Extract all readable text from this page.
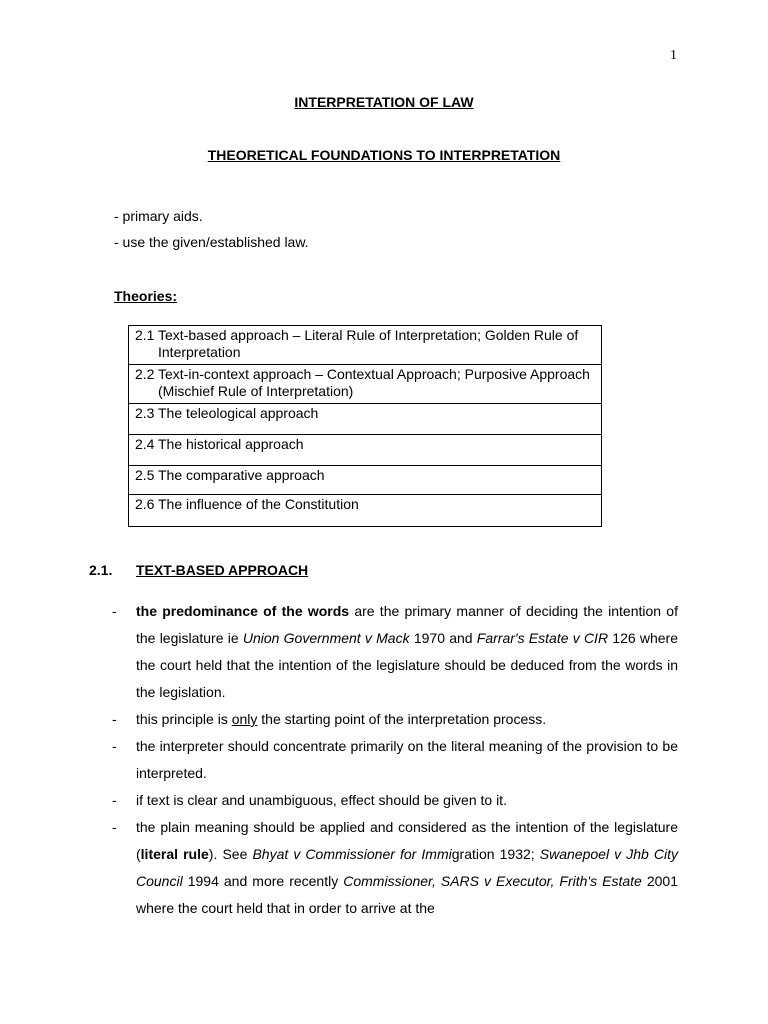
1
INTERPRETATION OF LAW
THEORETICAL FOUNDATIONS TO INTERPRETATION
- primary aids.
- use the given/established law.
Theories:
2.1 Text-based approach – Literal Rule of Interpretation; Golden Rule of Interpretation
2.2 Text-in-context approach – Contextual Approach; Purposive Approach (Mischief Rule of Interpretation)
2.3 The teleological approach
2.4 The historical approach
2.5 The comparative approach
2.6 The influence of the Constitution
2.1. TEXT-BASED APPROACH
- the predominance of the words are the primary manner of deciding the intention of the legislature ie Union Government v Mack 1970 and Farrar's Estate v CIR 126 where the court held that the intention of the legislature should be deduced from the words in the legislation.
- this principle is only the starting point of the interpretation process.
- the interpreter should concentrate primarily on the literal meaning of the provision to be interpreted.
- if text is clear and unambiguous, effect should be given to it.
- the plain meaning should be applied and considered as the intention of the legislature (literal rule). See Bhyat v Commissioner for Immigration 1932; Swanepoel v Jhb City Council 1994 and more recently Commissioner, SARS v Executor, Frith's Estate 2001 where the court held that in order to arrive at the
